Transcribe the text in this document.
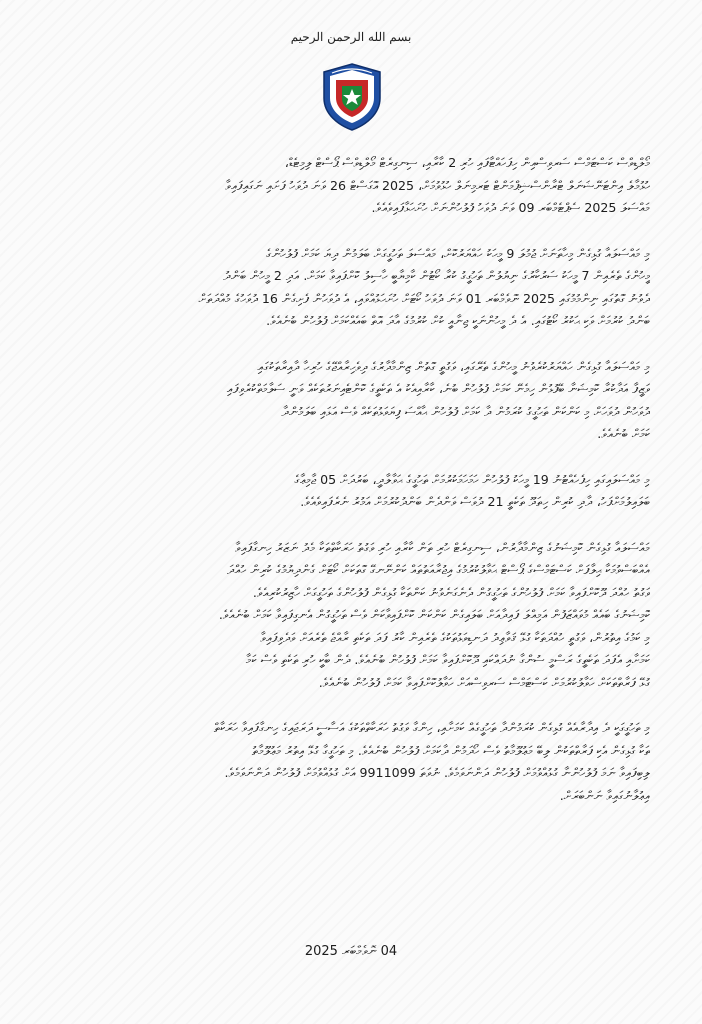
بسم الله الرحمن الرحيم

މޯލްޑިވްސް ކަސްޓަމްސް ސަރވިސްއިން ހިފަހައްޓާފައި ހުރި 2 ކާރާއި، ސިނގިރެޓް މޯލްޑިވްސް ޕޯސްޓް ލިމިޓެޑް،

ހުޅުމާލެ އިންޓަނޭޝަނަލް ޓްރާންސްޝިޕްމަންޓް ޓަރމިނަލް ހުޅުވުމަށް، 2025 އޮގަސްޓް 26 ވަނަ ދުވަހު ފަށައި ނަގައިފައިވާ

މައްސަލަ 2025 ސެޕްޓެމްބަރ 09 ވަނަ ދުވަހު ފުލުހުންނަށް ހުށަހަޅާފައިވެއެވެ.

މި މައްސަލައާ ގުޅިގެން މިހާތަނަށް ޖުމުލަ 9 މީހަކު ހައްޔަރުކޮށް، މައްސަލަ ތަހުގީގަށް ބަލަމުން ދިޔަ ކަމަށް ފުލުހުންގެ

މީހުންގެ ތެރެއިން 7 މީހަކު ސަރުކާރުގެ ނިޔުލުން ތަހުގީގު ކުރާ ކޯޓުން ކާމިޔާބީ ހާސިލު ކޮށްފައިވާ ކަމަށް. އަދި 2 މީހުން ބަންދު

ދެވުނު ގޮތުގައި ނިންމުމުގައި 2025 ނޮވެމްބަރ 01 ވަނަ ދުވަހު ކޯޓަށް ހުށަހަޅުއްވައި، އެ ދުވަހުން ފެށިގެން 16 ދުވަހުގެ މުއްދަތަށް

ބަންދު ކުރުމަށް ވަކި ޙަކުރު ކޯޓުގައި. އެ ދެ މީހުންނަކީ ޖިނާއީ ކުށް ކުރުމުގެ އާދަ އޮތް ބައެއްކަމަށް ފުލުހުން ބުނެއެވެ.

މި މައްސަލައާ ގުޅިގެން ހައްޔަރުކުރެވުނު މީހުންގެ ތެރޭގައި، ވަގުތީ ގޮތުން ޒިންމާދާރުގެ ދިވެހިރާއްޖޭގެ ހުރިހާ ދާއިރާތަކުގައި

ވަޒީފާ އަދާކުރާ ކޮމިޝަނާ ބޭފުޅުން ހިމެނޭ ކަމަށް ފުލުހުން ބުނެ، ކާރާއިއެކު އެ ތަކެތީގެ ކޮންޓެއިނަރުތަކެއް ވަނީ ސަލާމަތްކުރެވިފައި

ދުވަހުން ދުވަހަށް މި ކަންކަން ތަހުގީގު ކުރަމުން ދާ ކަމަށް ފުލުހުން ޙާއްސަ ފިޔަވަޅުތަކެއް ވެސް އަޅައި ބަލަމުންދާ

ކަމަށް ބުނެއެވެ.

މި މައްސަލައިގައި ހިފެހެއްޓުނު 19 މީހަކު ފުލުހުން ހަމަހަމަކުރުމަށް ތަހުގީގެ ޙަވާލާދީ، ބަރުދަށް 05 ޖާމިޢާގެ

ބަލައިލުމަށްފަހު، ދާދި ކުރިން ހިތަދޫ ތަކެތީ 21 ދުވަސް ވަންދެން ބަންދުކުރުމަށް އަމުރު ނެރެފައިވެއެވެ.

މައްސަލައާ ގުޅިގެން ކޮމިޝަނުގެ ޒިންމާދާރުން، ސިނގިރެޓް ހުރި ތަން ކާރާއި ހުރި ވަގުތު ހަރަކާތްތަކާ މެދު ނަޒަރު ހިނގާފައިވާ

އެއްބަސްވުމަކާ ޙިލާފަށް ކަސްޓަމްސްގެ ޕޯސްޓް ޙަވާލުކުރުމުގެ އިޖުރާއަތުތައް ކަންނޭނގޭ ގޮތަކަށް ކޯޓަށް ގެންދިޔުމުގެ ކުރިން ހުއްދަ

ވަގުތު ހުއްދަ ދޫކޮށްފައިވާ ކަމަށް ފުލުހުންގެ ތަހުގީގުން ދެނެގަނެވުނު ކަންތަކާ ގުޅިގެން ފުލުހުންގެ ތަހުގީގަށް ހާޒިރުކުރިއެވެ.

ކޮމިޝަނުގެ ބައެއް މުވައްޒަފުން އަމިއްލަ ފައިދާއަށް ބަލައިގެން ކަންކަން ކޮށްފައިވާކަން ވެސް ތަހުގީގުން އެނގިފައިވާ ކަމަށް ބުނެއެވެ.

މި ކަމުގެ އިތުރުން، ވަގުތީ ހުއްދަތަކާ ގުޅޭ ޤަވާޢިދު ދަނޑިވަޅުތަކުގެ ތެރެއިން ކާރު ފަދަ ތަކެތި ރާއްޖެ ތެރެއަށް ވަދެވިފައިވާ

ކަމަށާއި އެފަދަ ތަކެތީގެ ރަސްމީ ސުންގާ ނުދައްކައި ދޫކޮށްފައިވާ ކަމަށް ފުލުހުން ބުނެއެވެ. ދެން ބާކީ ހުރި ތަކެތި ވެސް ކަމާ

ގުޅޭ ފަރާތްތަކަށް ހަވާލުކުރުމަށް ކަސްޓަމްސް ސަރވިސްއަށް ހަވާލުކޮށްފައިވާ ކަމަށް ފުލުހުން ބުނެއެވެ.

މި ތަހުގީގަކީ ދެ އިދާރާއެއް ގުޅިގެން ކުރަމުންދާ ތަހުގީގެއް ކަމަށާއި، ހިންގާ ވަގުތު ހަރަކާތްތަކުގެ އަސާސީ ދަރަޖައިގެ ހިނގާފައިވާ ހަރަކާތް

ތަކާ ގުޅިގެން އެކި ފަރާތްތަކުން ލިބޭ މަޢުލޫމާތު ވެސް ހޯދަމުން ދާކަމަށް ފުލުހުން ބުނެއެވެ. މި ތަހުގީގާ ގުޅޭ އިތުރު މަޢުލޫމާތު

ލިބިފައިވާ ނަމަ ފުލުހުންނާ ގުޅުއްވުމަށް ފުލުހުން ދަންނަވަމެވެ. ނުވަތަ 9911099 އަށް ގުޅުއްވުމަށް ފުލުހުން ދަންނަވަމެވެ.

އިޢުލާނުގައިވާ ނަންބަރަށް.

04 ނޮވެމްބަރ 2025
